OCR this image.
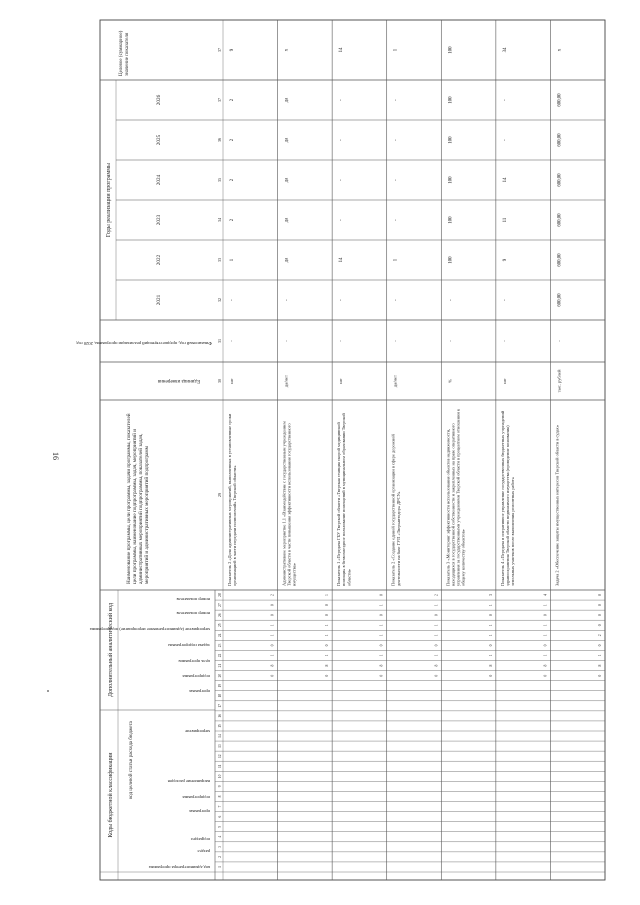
16
Коды бюджетной классификации
Дополнительный аналитический код
код администратора программы
раздел
подраздел
программа
подпрограмма
направление расходов
мероприятие
программа
подпрограмма
цель программы
задача подпрограммы
мероприятие (административное мероприятие) подпрограммы
номер показателя
номер показателя
код целевой статьи расхода бюджета
Наименование программы, цели программы, задачи программы, показателейцели программы, наименование подпрограммы, задач, мероприятий иадминистративных мероприятий подпрограммы, показателей задач,мероприятий и административных мероприятий подпрограмм
Единица измерения
Финансовый год, предшествующий реализации программы, 2020 год
Годы реализации программы
2021
2022
2023
2024
2025
2026
Целевое (суммарное)значение показателя
1
2
3
4
5
6
7
8
9
10
11
12
13
14
15
16
17
18
19
20
21
22
23
24
25
26
27
28
29
30
31
32
33
34
35
36
37
37
Показатель 2 «Доля административных мероприятий, выполненных в установленные срокиорганизацией в части передачи полномочий» Тверской области»
шт
-
-
1
2
2
2
2
9
0
8
1
0
1
1
0
0
2
Административное мероприятие 1.1 «Взаимодействие с государственным учреждениемТверской области в части повышения эффективности использования государственногоимущества»
да/нет
-
-
да
да
да
да
да
х
0
8
1
0
1
1
0
0
1
Показатель 1 «Передача ГБУ Тверской области «Тверская станция скорой медицинскойпомощи» в безвозмездное пользование помещений в муниципальном образовании Тверскойобласти»
шт
-
-
14
-
-
-
-
14
0
8
1
0
1
1
0
1
0
Показатель 2 «Создание единой государственной организации в сфере дорожнойдеятельности на базе ГУП «Тверьавтодор» ДРСУ»
да/нет
-
-
1
-
-
-
-
1
0
8
1
0
1
1
0
1
2
Показатель 3 «Мониторинг эффективности использования объектов недвижимости,находящихся в государственной собственности и закрепленных на праве оперативногоуправления за государственными учреждениями Тверской области в процентном отношении кобщему количеству объектов»
%
-
-
100
100
100
100
100
100
0
8
1
0
1
1
0
1
3
Показатель 4 «Передача в оперативное управление государственных бюджетных учрежденийздравоохранения Тверской области недвижимого имущества (проведение межевания)земельных участков после выполнения ремонтных работ»
шт
-
-
9
11
14
-
-
34
0
8
1
0
1
1
0
1
4
Задача 2 «Обеспечение защиты имущественных интересов Тверской области в судах»
тыс. рублей
-
600,00
600,00
600,00
600,00
600,00
600,00
х
0
8
1
0
2
0
0
0
0
